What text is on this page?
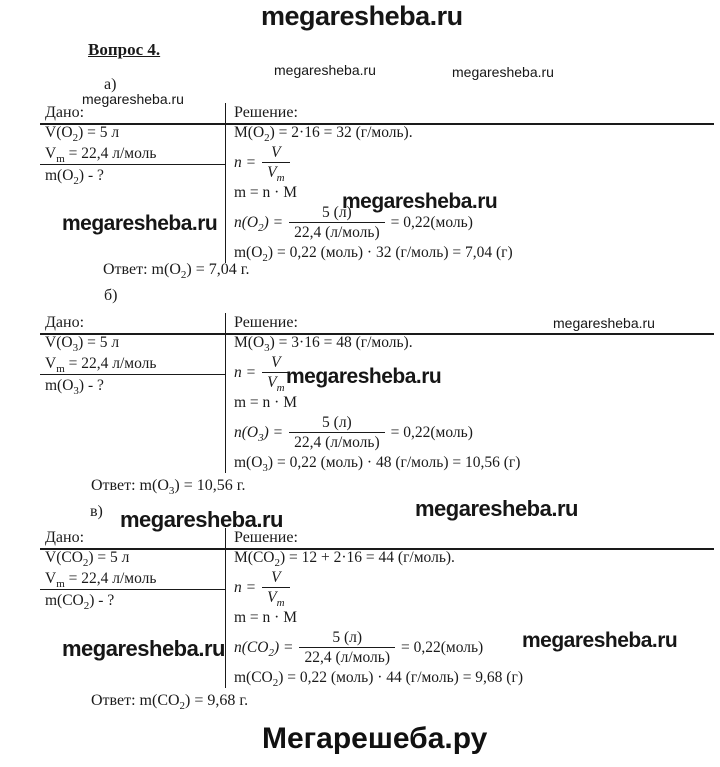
megaresheba.ru
megaresheba.ru	megaresheba.ru
megaresheba.ru
megaresheba.ru
megaresheba.ru
megaresheba.ru
megaresheba.ru
megaresheba.ru
megaresheba.ru
megaresheba.ru	megaresheba.ru
Вопрос 4.
а)
Дано:
$V(O_2) = 5$ л
$V_m = 22,4$ л/моль
$m(O_2)$ - ?
Решение:
$M(O_2) = 2\cdot 16 = 32$ (г/моль).
$n = \frac{V}{V_m}$
m = n · M
$n(O_2) = \frac{5 (л)}{\text{22,4 (л/моль)}}$ = 0,22(моль)
$m(O_2) = 0,22$ (моль) · 32 (г/моль) = 7,04 (г)
Ответ: $m(O_2) = 7,04$ г.
б)
Дано:
$V(O_3) = 5$ л
$V_m = 22,4$ л/моль
$m(O_3)$ - ?
Решение:
$M(O_3) = 3\cdot 16 = 48$ (г/моль).
$n = \frac{V}{V_m}$
m = n · M
$n(O_3) = \frac{5 (л)}{\text{22,4 (л/моль)}}$ = 0,22(моль)
$m(O_3) = 0,22$ (моль) · 48 (г/моль) = 10,56 (г)
Ответ: $m(O_3) = 10,56$ г.
в)
Дано:
$V(CO_2) = 5$ л
$V_m = 22,4$ л/моль
$m(CO_2)$ - ?
Решение:
$M(CO_2) = 12 + 2\cdot 16 = 44$ (г/моль).
$n = \frac{V}{V_m}$
m = n · M
$n(CO_2) = \frac{5 (л)}{\text{22,4 (л/моль)}}$ = 0,22(моль)
$m(CO_2) = 0,22$ (моль) · 44 (г/моль) = 9,68 (г)
Ответ: $m(CO_2) = 9,68$ г.
Мегарешеба.ру
